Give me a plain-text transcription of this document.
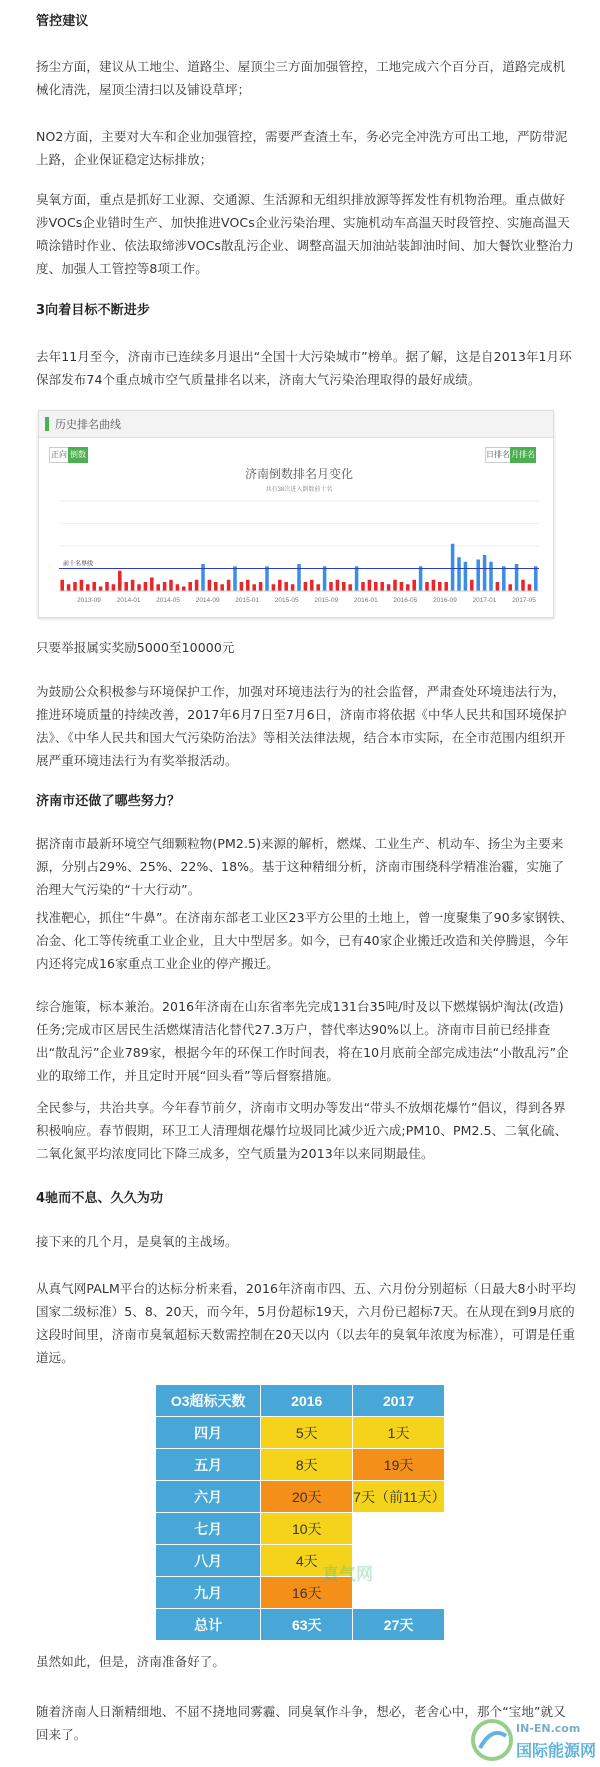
管控建议

扬尘方面，建议从工地尘、道路尘、屋顶尘三方面加强管控，工地完成六个百分百，道路完成机械化清洗，屋顶尘清扫以及铺设草坪；

NO2方面，主要对大车和企业加强管控，需要严查渣土车，务必完全冲洗方可出工地，严防带泥上路，企业保证稳定达标排放；

臭氧方面，重点是抓好工业源、交通源、生活源和无组织排放源等挥发性有机物治理。重点做好涉VOCs企业错时生产、加快推进VOCs企业污染治理、实施机动车高温天时段管控、实施高温天喷涂错时作业、依法取缔涉VOCs散乱污企业、调整高温天加油站装卸油时间、加大餐饮业整治力度、加强人工管控等8项工作。

3向着目标不断进步

去年11月至今，济南市已连续多月退出“全国十大污染城市”榜单。据了解，这是自2013年1月环保部发布74个重点城市空气质量排名以来，济南大气污染治理取得的最好成绩。

历史排名曲线
正向 倒数	日排名 月排名
济南倒数排名月变化
共有38次进入倒数前十名
前十名界线
2013-09 2014-01 2014-05 2014-09 2015-01 2015-05 2015-09 2016-01 2016-05 2016-09 2017-01 2017-05

只要举报属实奖励5000至10000元

为鼓励公众积极参与环境保护工作，加强对环境违法行为的社会监督，严肃查处环境违法行为，推进环境质量的持续改善，2017年6月7日至7月6日，济南市将依据《中华人民共和国环境保护法》、《中华人民共和国大气污染防治法》等相关法律法规，结合本市实际，在全市范围内组织开展严重环境违法行为有奖举报活动。

济南市还做了哪些努力？

据济南市最新环境空气细颗粒物(PM2.5)来源的解析，燃煤、工业生产、机动车、扬尘为主要来源，分别占29%、25%、22%、18%。基于这种精细分析，济南市围绕科学精准治霾，实施了治理大气污染的“十大行动”。

找准靶心，抓住“牛鼻”。在济南东部老工业区23平方公里的土地上，曾一度聚集了90多家钢铁、冶金、化工等传统重工业企业，且大中型居多。如今，已有40家企业搬迁改造和关停腾退，今年内还将完成16家重点工业企业的停产搬迁。

综合施策，标本兼治。2016年济南在山东省率先完成131台35吨/时及以下燃煤锅炉淘汰(改造)任务;完成市区居民生活燃煤清洁化替代27.3万户，替代率达90%以上。济南市目前已经排查出“散乱污”企业789家，根据今年的环保工作时间表，将在10月底前全部完成违法“小散乱污”企业的取缔工作，并且定时开展“回头看”等后督察措施。

全民参与，共治共享。今年春节前夕，济南市文明办等发出“带头不放烟花爆竹”倡议，得到各界积极响应。春节假期，环卫工人清理烟花爆竹垃圾同比减少近六成;PM10、PM2.5、二氧化硫、二氧化氮平均浓度同比下降三成多，空气质量为2013年以来同期最佳。

4驰而不息、久久为功

接下来的几个月，是臭氧的主战场。

从真气网PALM平台的达标分析来看，2016年济南市四、五、六月份分别超标（日最大8小时平均国家二级标准）5、8、20天，而今年，5月份超标19天，六月份已超标7天。在从现在到9月底的这段时间里，济南市臭氧超标天数需控制在20天以内（以去年的臭氧年浓度为标准），可谓是任重道远。

O3超标天数	2016	2017
四月	5天	1天
五月	8天	19天
六月	20天	7天（前11天）
七月	10天	
八月	4天	
九月	16天	
总计	63天	27天
真气网

虽然如此，但是，济南准备好了。

随着济南人日渐精细地、不屈不挠地同雾霾、同臭氧作斗争，想必，老舍心中，那个“宝地”就又回来了。	IN-EN.com
国际能源网
